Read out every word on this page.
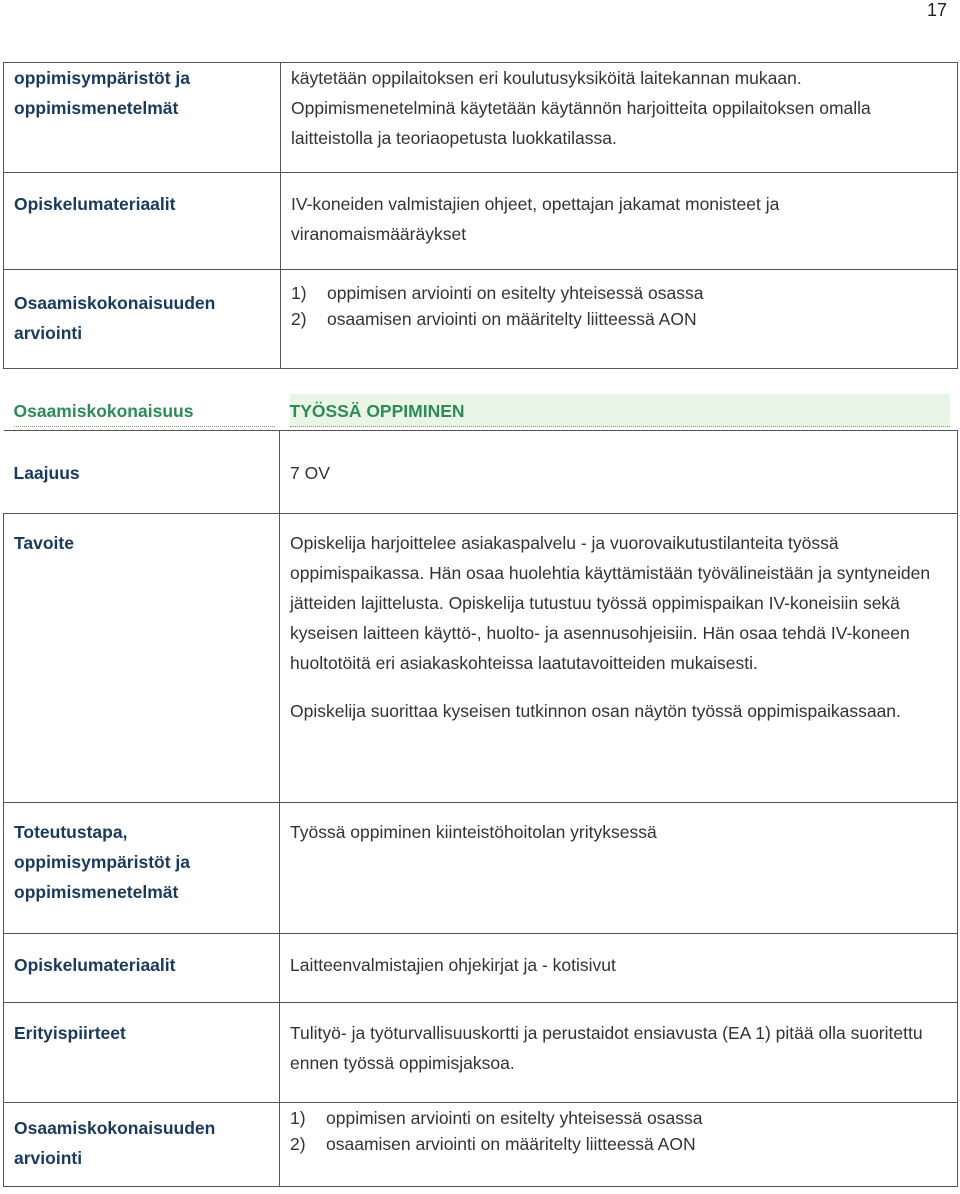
17
oppimisympäristöt ja oppimismenetelmät	käytetään oppilaitoksen eri koulutusyksiköitä laitekannan mukaan. Oppimismenetelminä käytetään käytännön harjoitteita oppilaitoksen omalla laitteistolla ja teoriaopetusta luokkatilassa.

Opiskelumateriaalit	IV-koneiden valmistajien ohjeet, opettajan jakamat monisteet ja viranomaismääräykset

Osaamiskokonaisuuden arviointi	1) oppimisen arviointi on esitelty yhteisessä osassa
2) osaamisen arviointi on määritelty liitteessä AON
Osaamiskokonaisuus	TYÖSSÄ OPPIMINEN

Laajuus	7 OV

Tavoite	Opiskelija harjoittelee asiakaspalvelu - ja vuorovaikutustilanteita työssä oppimispaikassa. Hän osaa huolehtia käyttämistään työvälineistään ja syntyneiden jätteiden lajittelusta. Opiskelija tutustuu työssä oppimispaikan IV-koneisiin sekä kyseisen laitteen käyttö-, huolto- ja asennusohjeisiin. Hän osaa tehdä IV-koneen huoltotöitä eri asiakaskohteissa laatutavoitteiden mukaisesti.

Opiskelija suorittaa kyseisen tutkinnon osan näytön työssä oppimispaikassaan.

Toteutustapa, oppimisympäristöt ja oppimismenetelmät	Työssä oppiminen kiinteistöhoitolan yrityksessä

Opiskelumateriaalit	Laitteenvalmistajien ohjekirjat ja - kotisivut

Erityispiirteet	Tulityö- ja työturvallisuuskortti ja perustaidot ensiavusta (EA 1) pitää olla suoritettu ennen työssä oppimisjaksoa.

Osaamiskokonaisuuden arviointi	1) oppimisen arviointi on esitelty yhteisessä osassa
2) osaamisen arviointi on määritelty liitteessä AON
